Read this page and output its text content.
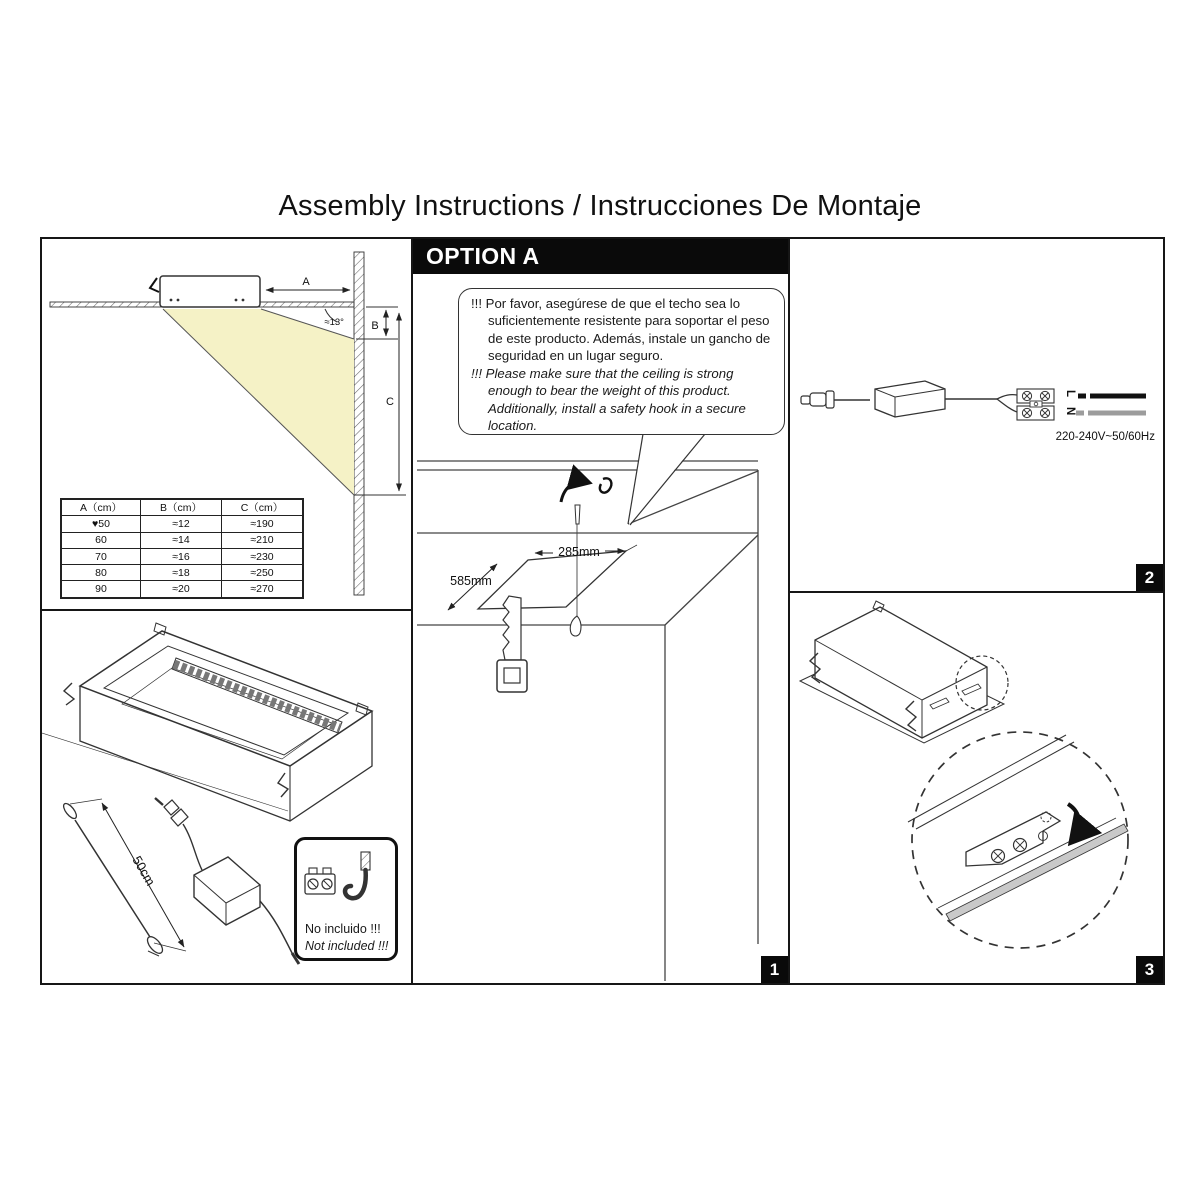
Assembly Instructions / Instrucciones De Montaje
A
≈13° B
C
A（cm）	B（cm）	C（cm）
♥50	≈12	≈190
60	≈14	≈210
70	≈16	≈230
80	≈18	≈250
90	≈20	≈270
50cm
No incluido !!!
Not included !!!
285mm
585mm
OPTION A

!!! Por favor, asegúrese de que el techo sea lo suficientemente resistente para soportar el peso de este producto. Además, instale un gancho de seguridad en un lugar seguro.

!!! Please make sure that the ceiling is strong enough to bear the weight of this product. Additionally, install a safety hook in a secure location.

1
L
N
220-240V~50/60Hz
2
3
